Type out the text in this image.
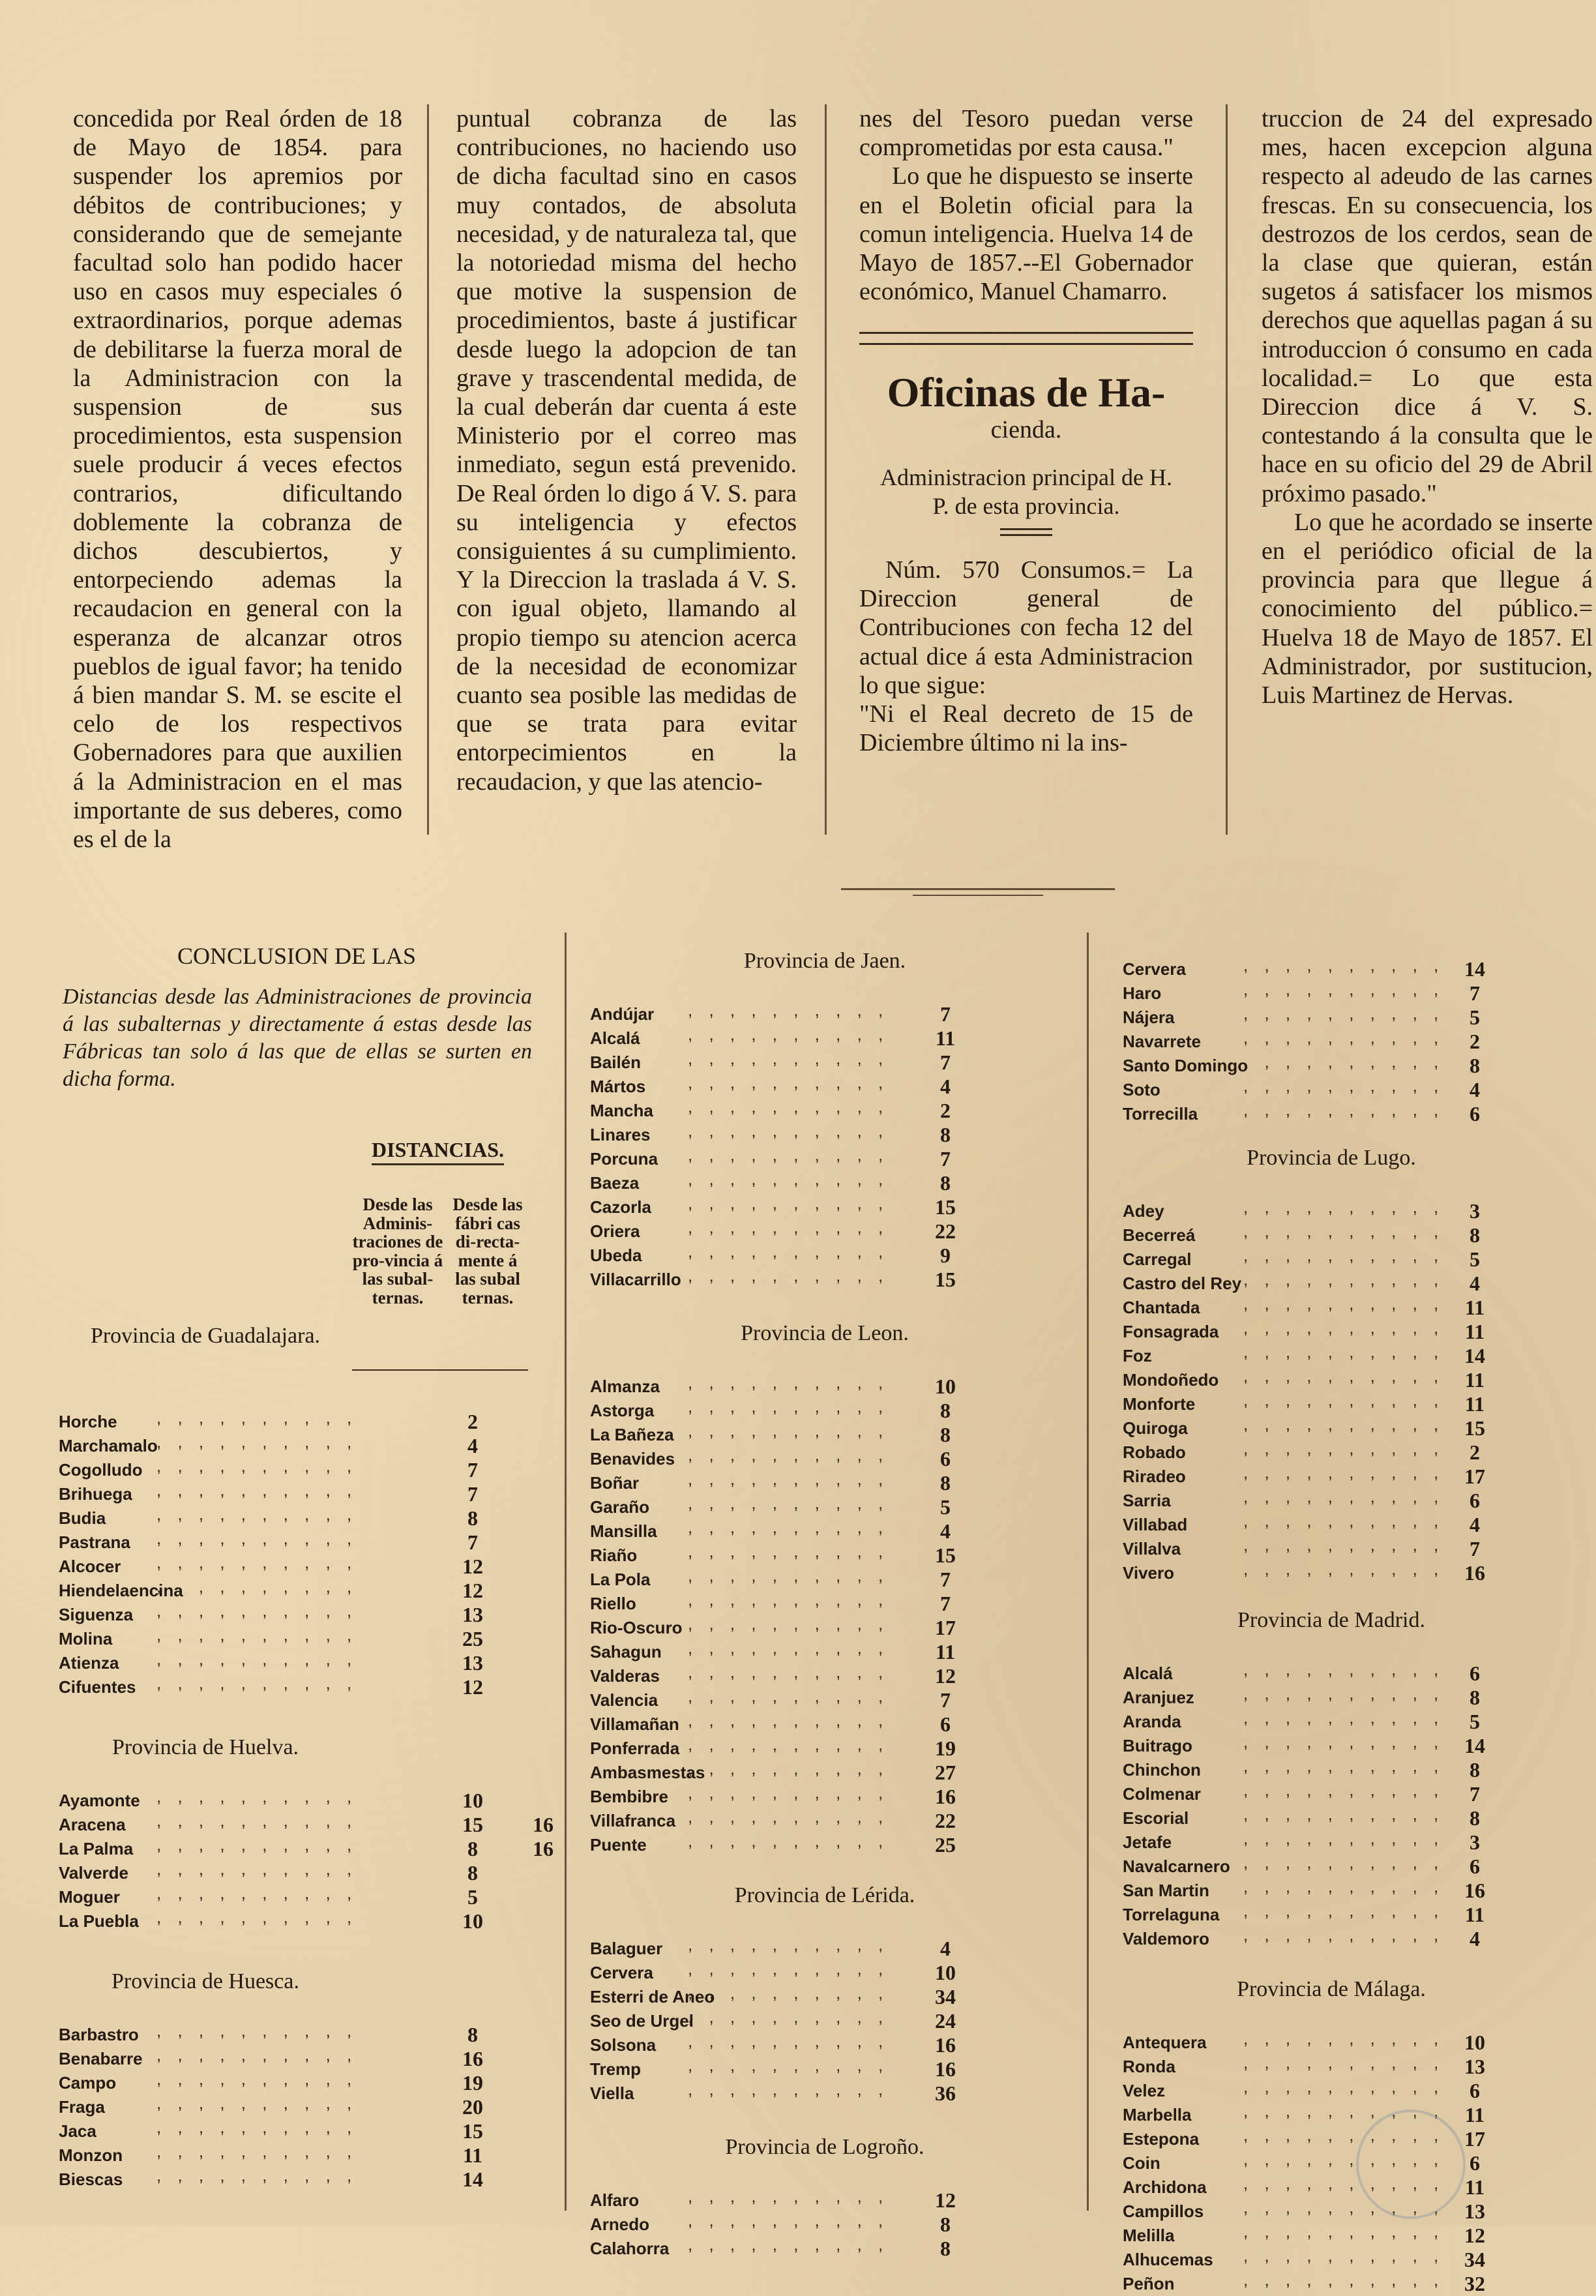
concedida por Real órden de 18 de Mayo de 1854. para suspender los apremios por débitos de contribuciones; y considerando que de semejante facultad solo han podido hacer uso en casos muy especiales ó extraordinarios, porque ademas de debilitarse la fuerza moral de la Administracion con la suspension de sus procedimientos, esta suspension suele producir á veces efectos contrarios, dificultando doblemente la cobranza de dichos descubiertos, y entorpeciendo ademas la recaudacion en general con la esperanza de alcanzar otros pueblos de igual favor; ha tenido á bien mandar S. M. se escite el celo de los respectivos Gobernadores para que auxilien á la Administracion en el mas importante de sus deberes, como es el de la

puntual cobranza de las contribuciones, no haciendo uso de dicha facultad sino en casos muy contados, de absoluta necesidad, y de naturaleza tal, que la notoriedad misma del hecho que motive la suspension de procedimientos, baste á justificar desde luego la adopcion de tan grave y trascendental medida, de la cual deberán dar cuenta á este Ministerio por el correo mas inmediato, segun está prevenido. De Real órden lo digo á V. S. para su inteligencia y efectos consiguientes á su cumplimiento. Y la Direccion la traslada á V. S. con igual objeto, llamando al propio tiempo su atencion acerca de la necesidad de economizar cuanto sea posible las medidas de que se trata para evitar entorpecimientos en la recaudacion, y que las atencio-

nes del Tesoro puedan verse comprometidas por esta causa."

Lo que he dispuesto se inserte en el Boletin oficial para la comun inteligencia. Huelva 14 de Mayo de 1857.--El Gobernador económico, Manuel Chamarro.

Oficinas de Ha-
cienda.

Administracion principal de H. P. de esta provincia.

Núm. 570 Consumos.= La Direccion general de Contribuciones con fecha 12 del actual dice á esta Administracion lo que sigue:

"Ni el Real decreto de 15 de Diciembre último ni la ins-

truccion de 24 del expresado mes, hacen excepcion alguna respecto al adeudo de las carnes frescas. En su consecuencia, los destrozos de los cerdos, sean de la clase que quieran, están sugetos á satisfacer los mismos derechos que aquellas pagan á su introduccion ó consumo en cada localidad.= Lo que esta Direccion dice á V. S. contestando á la consulta que le hace en su oficio del 29 de Abril próximo pasado."

Lo que he acordado se inserte en el periódico oficial de la provincia para que llegue á conocimiento del público.= Huelva 18 de Mayo de 1857. El Administrador, por sustitucion, Luis Martinez de Hervas.

CONCLUSION DE LAS
Distancias desde las Administraciones de provincia á las subalternas y directamente á estas desde las Fábricas tan solo á las que de ellas se surten en dicha forma.
DISTANCIAS.
Desde las Adminis-traciones de pro-vincia á las subal-ternas.
Desde las fábri cas di-recta-mente á las subal ternas.
Provincia de Guadalajara.
, , , , , , , , , ,
Horche	2
, , , , , , , , , ,
Marchamalo	4
, , , , , , , , , ,
Cogolludo	7
, , , , , , , , , ,
Brihuega	7
, , , , , , , , , ,
Budia	8
, , , , , , , , , ,
Pastrana	7
, , , , , , , , , ,
Alcocer	12
, , , , , , , , , ,
Hiendelaencina	12
, , , , , , , , , ,
Siguenza	13
, , , , , , , , , ,
Molina	25
, , , , , , , , , ,
Atienza	13
, , , , , , , , , ,
Cifuentes	12
Provincia de Huelva.
, , , , , , , , , ,
Ayamonte	10
, , , , , , , , , ,
Aracena	15	16
, , , , , , , , , ,
La Palma	8	16
, , , , , , , , , ,
Valverde	8
, , , , , , , , , ,
Moguer	5
, , , , , , , , , ,
La Puebla	10
Provincia de Huesca.
, , , , , , , , , ,
Barbastro	8
, , , , , , , , , ,
Benabarre	16
, , , , , , , , , ,
Campo	19
, , , , , , , , , ,
Fraga	20
, , , , , , , , , ,
Jaca	15
, , , , , , , , , ,
Monzon	11
, , , , , , , , , ,
Biescas	14
Provincia de Jaen.
, , , , , , , , , ,
Andújar	7
, , , , , , , , , ,
Alcalá	11
, , , , , , , , , ,
Bailén	7
, , , , , , , , , ,
Mártos	4
, , , , , , , , , ,
Mancha	2
, , , , , , , , , ,
Linares	8
, , , , , , , , , ,
Porcuna	7
, , , , , , , , , ,
Baeza	8
, , , , , , , , , ,
Cazorla	15
, , , , , , , , , ,
Oriera	22
, , , , , , , , , ,
Ubeda	9
, , , , , , , , , ,
Villacarrillo	15
Provincia de Leon.
, , , , , , , , , ,
Almanza	10
, , , , , , , , , ,
Astorga	8
, , , , , , , , , ,
La Bañeza	8
, , , , , , , , , ,
Benavides	6
, , , , , , , , , ,
Boñar	8
, , , , , , , , , ,
Garaño	5
, , , , , , , , , ,
Mansilla	4
, , , , , , , , , ,
Riaño	15
, , , , , , , , , ,
La Pola	7
, , , , , , , , , ,
Riello	7
, , , , , , , , , ,
Rio-Oscuro	17
, , , , , , , , , ,
Sahagun	11
, , , , , , , , , ,
Valderas	12
, , , , , , , , , ,
Valencia	7
, , , , , , , , , ,
Villamañan	6
, , , , , , , , , ,
Ponferrada	19
, , , , , , , , , ,
Ambasmestas	27
, , , , , , , , , ,
Bembibre	16
, , , , , , , , , ,
Villafranca	22
, , , , , , , , , ,
Puente	25
Provincia de Lérida.
, , , , , , , , , ,
Balaguer	4
, , , , , , , , , ,
Cervera	10
, , , , , , , , , ,
Esterri de Aneo	34
, , , , , , , , , ,
Seo de Urgel	24
, , , , , , , , , ,
Solsona	16
, , , , , , , , , ,
Tremp	16
, , , , , , , , , ,
Viella	36
Provincia de Logroño.
, , , , , , , , , ,
Alfaro	12
, , , , , , , , , ,
Arnedo	8
, , , , , , , , , ,
Calahorra	8
, , , , , , , , , ,
Cervera	14
, , , , , , , , , ,
Haro	7
, , , , , , , , , ,
Nájera	5
, , , , , , , , , ,
Navarrete	2
, , , , , , , , , ,
Santo Domingo	8
, , , , , , , , , ,
Soto	4
, , , , , , , , , ,
Torrecilla	6
Provincia de Lugo.
, , , , , , , , , ,
Adey	3
, , , , , , , , , ,
Becerreá	8
, , , , , , , , , ,
Carregal	5
, , , , , , , , , ,
Castro del Rey	4
, , , , , , , , , ,
Chantada	11
, , , , , , , , , ,
Fonsagrada	11
, , , , , , , , , ,
Foz	14
, , , , , , , , , ,
Mondoñedo	11
, , , , , , , , , ,
Monforte	11
, , , , , , , , , ,
Quiroga	15
, , , , , , , , , ,
Robado	2
, , , , , , , , , ,
Riradeo	17
, , , , , , , , , ,
Sarria	6
, , , , , , , , , ,
Villabad	4
, , , , , , , , , ,
Villalva	7
, , , , , , , , , ,
Vivero	16
Provincia de Madrid.
, , , , , , , , , ,
Alcalá	6
, , , , , , , , , ,
Aranjuez	8
, , , , , , , , , ,
Aranda	5
, , , , , , , , , ,
Buitrago	14
, , , , , , , , , ,
Chinchon	8
, , , , , , , , , ,
Colmenar	7
, , , , , , , , , ,
Escorial	8
, , , , , , , , , ,
Jetafe	3
, , , , , , , , , ,
Navalcarnero	6
, , , , , , , , , ,
San Martin	16
, , , , , , , , , ,
Torrelaguna	11
, , , , , , , , , ,
Valdemoro	4
Provincia de Málaga.
, , , , , , , , , ,
Antequera	10
, , , , , , , , , ,
Ronda	13
, , , , , , , , , ,
Velez	6
, , , , , , , , , ,
Marbella	11
, , , , , , , , , ,
Estepona	17
, , , , , , , , , ,
Coin	6
, , , , , , , , , ,
Archidona	11
, , , , , , , , , ,
Campillos	13
, , , , , , , , , ,
Melilla	12
, , , , , , , , , ,
Alhucemas	34
, , , , , , , , , ,
Peñon	32
